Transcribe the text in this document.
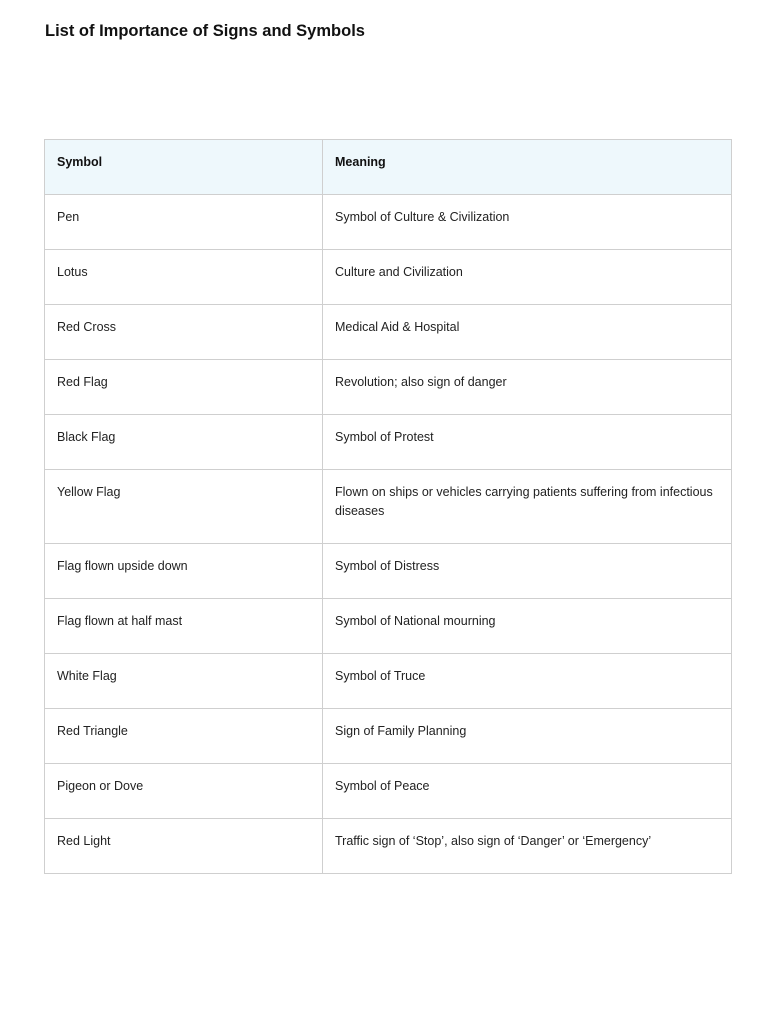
List of Importance of Signs and Symbols
Symbol	Meaning
Pen	Symbol of Culture & Civilization
Lotus	Culture and Civilization
Red Cross	Medical Aid & Hospital
Red Flag	Revolution; also sign of danger
Black Flag	Symbol of Protest
Yellow Flag	Flown on ships or vehicles carrying patients suffering from infectious diseases
Flag flown upside down	Symbol of Distress
Flag flown at half mast	Symbol of National mourning
White Flag	Symbol of Truce
Red Triangle	Sign of Family Planning
Pigeon or Dove	Symbol of Peace
Red Light	Traffic sign of ‘Stop’, also sign of ‘Danger’ or ‘Emergency’
